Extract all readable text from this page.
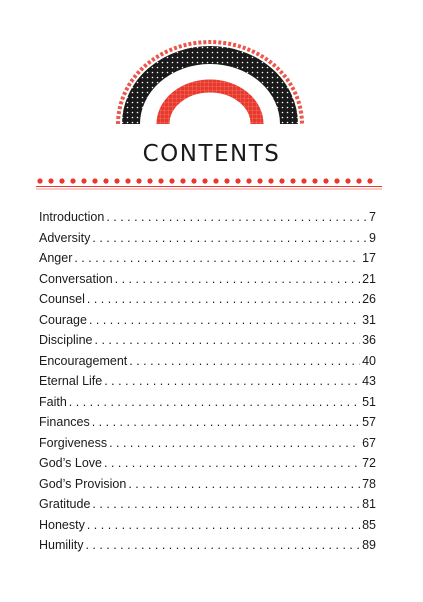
CONTENTS
Introduction . . .	7
Adversity . . .	9
Anger . . .	17
Conversation . . .	21
Counsel . . .	26
Courage . . .	31
Discipline . . .	36
Encouragement . . .	40
Eternal Life . . .	43
Faith . . .	51
Finances . . .	57
Forgiveness . . .	67
God’s Love . . .	72
God’s Provision . . .	78
Gratitude . . .	81
Honesty . . .	85
Humility . . .	89
